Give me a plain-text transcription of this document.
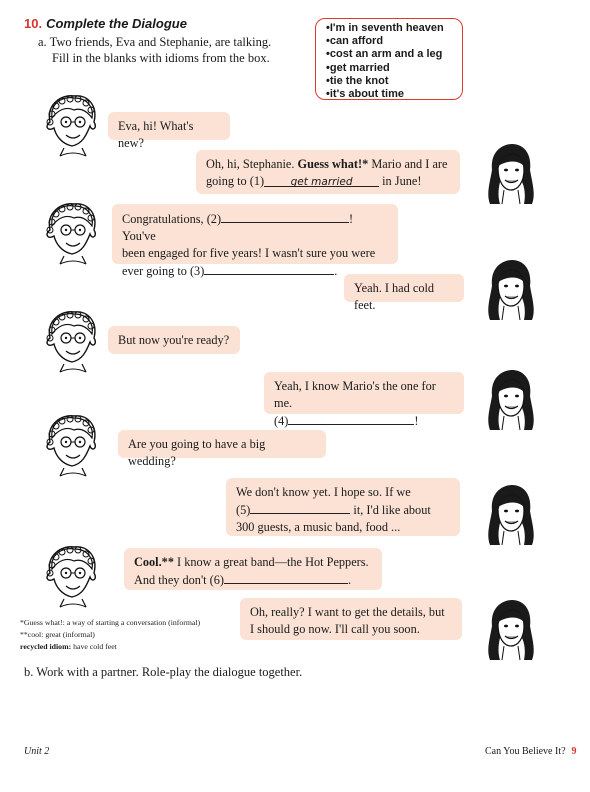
10. Complete the Dialogue
a. Two friends, Eva and Stephanie, are talking.
Fill in the blanks with idioms from the box.
• I'm in seventh heaven
• can afford
• cost an arm and a leg
• get married
• tie the knot
• it's about time
Eva, hi! What's new?
Oh, hi, Stephanie. Guess what!* Mario and I are
going to (1)	get married in June!
Congratulations, (2)	! You've
been engaged for five years! I wasn't sure you were
ever going to (3)	.
Yeah. I had cold feet.
But now you're ready?
Yeah, I know Mario's the one for me.
(4)	!
Are you going to have a big wedding?
We don't know yet. I hope so. If we
(5)	it, I'd like about
300 guests, a music band, food ...
Cool.** I know a great band—the Hot Peppers.
And they don't (6)	.
Oh, really? I want to get the details, but
I should go now. I'll call you soon.
*Guess what!: a way of starting a conversation (informal)
**cool: great (informal)
recycled idiom: have cold feet
b. Work with a partner. Role-play the dialogue together.
Unit 2	Can You Believe It? 9
